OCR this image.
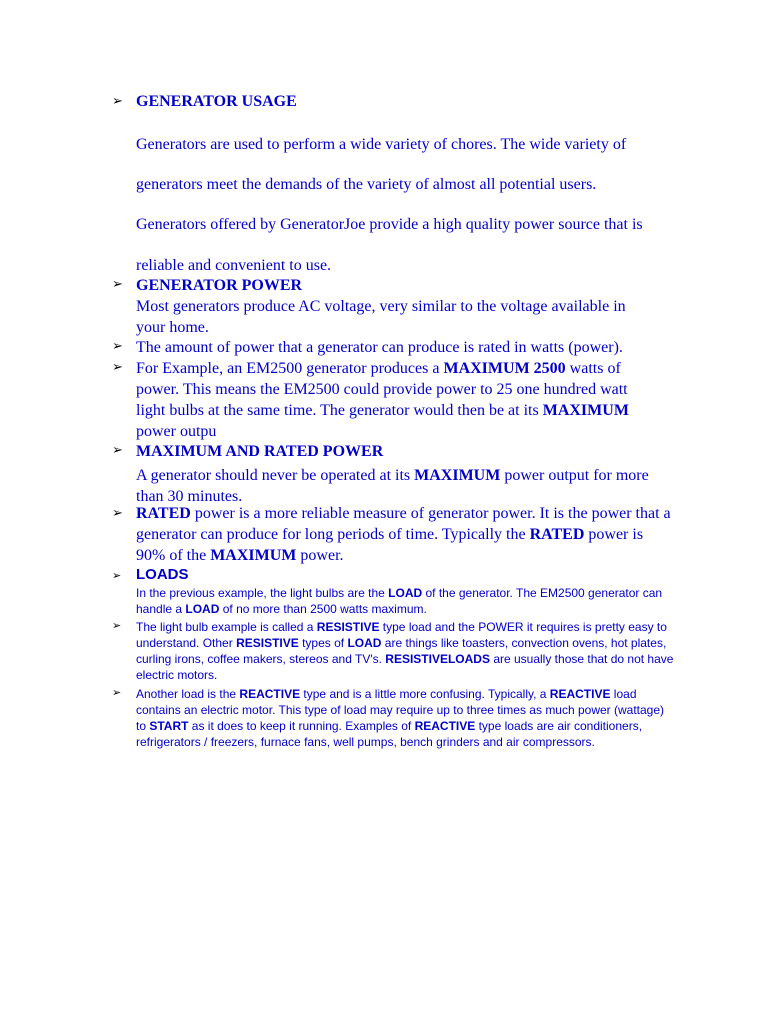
➢ GENERATOR USAGE
Generators are used to perform a wide variety of chores. The wide variety of
generators meet the demands of the variety of almost all potential users.
Generators offered by GeneratorJoe provide a high quality power source that is
reliable and convenient to use.
➢ GENERATOR POWER
Most generators produce AC voltage, very similar to the voltage available in
your home.
➢ The amount of power that a generator can produce is rated in watts (power).
➢ For Example, an EM2500 generator produces a MAXIMUM 2500 watts of power. This means the EM2500 could provide power to 25 one hundred watt light bulbs at the same time. The generator would then be at its MAXIMUM power outpu
➢ MAXIMUM AND RATED POWER
A generator should never be operated at its MAXIMUM power output for more than 30 minutes.
➢ RATED power is a more reliable measure of generator power. It is the power that a generator can produce for long periods of time. Typically the RATED power is 90% of the MAXIMUM power.
➢ LOADS
In the previous example, the light bulbs are the LOAD of the generator. The EM2500 generator can handle a LOAD of no more than 2500 watts maximum.
➢	The light bulb example is called a RESISTIVE type load and the POWER it requires is pretty easy to understand. Other RESISTIVE types of LOAD are things like toasters, convection ovens, hot plates, curling irons, coffee makers, stereos and TV's. RESISTIVELOADS are usually those that do not have electric motors.
➢	Another load is the REACTIVE type and is a little more confusing. Typically, a REACTIVE load contains an electric motor. This type of load may require up to three times as much power (wattage) to START as it does to keep it running. Examples of REACTIVE type loads are air conditioners, refrigerators / freezers, furnace fans, well pumps, bench grinders and air compressors.
